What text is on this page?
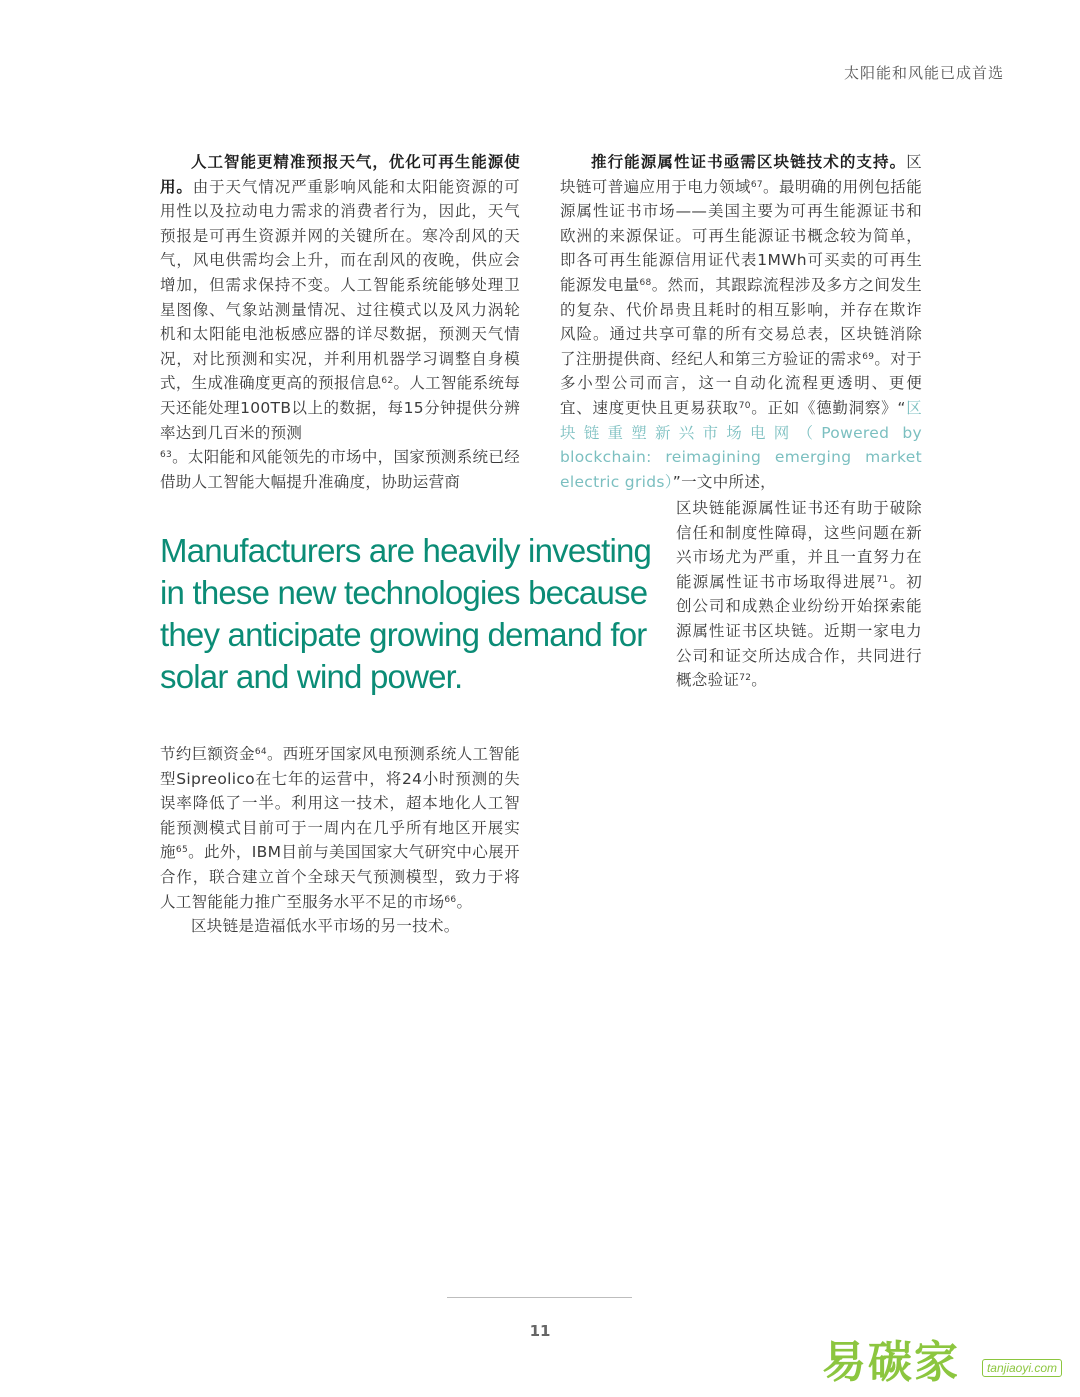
太阳能和风能已成首选

人工智能更精准预报天气，优化可再生能源使用。由于天气情况严重影响风能和太阳能资源的可用性以及拉动电力需求的消费者行为，因此，天气预报是可再生资源并网的关键所在。寒冷刮风的天气，风电供需均会上升，而在刮风的夜晚，供应会增加，但需求保持不变。人工智能系统能够处理卫星图像、气象站测量情况、过往模式以及风力涡轮机和太阳能电池板感应器的详尽数据，预测天气情况，对比预测和实况，并利用机器学习调整自身模式，生成准确度更高的预报信息$^{62}$。人工智能系统每天还能处理100TB以上的数据，每15分钟提供分辨率达到几百米的预测
$^{63}$。太阳能和风能领先的市场中，国家预测系统已经借助人工智能大幅提升准确度，协助运营商

Manufacturers are heavily investing in these new technologies because they anticipate growing demand for solar and wind power.

节约巨额资金$^{64}$。西班牙国家风电预测系统人工智能型Sipreolico在七年的运营中，将24小时预测的失误率降低了一半。利用这一技术，超本地化人工智能预测模式目前可于一周内在几乎所有地区开展实施$^{65}$。此外，IBM目前与美国国家大气研究中心展开合作，联合建立首个全球天气预测模型，致力于将人工智能能力推广至服务水平不足的市场$^{66}$。

区块链是造福低水平市场的另一技术。

推行能源属性证书亟需区块链技术的支持。区块链可普遍应用于电力领域$^{67}$。最明确的用例包括能源属性证书市场——美国主要为可再生能源证书和欧洲的来源保证。可再生能源证书概念较为简单，即各可再生能源信用证代表1MWh可买卖的可再生能源发电量$^{68}$。然而，其跟踪流程涉及多方之间发生的复杂、代价昂贵且耗时的相互影响，并存在欺诈风险。通过共享可靠的所有交易总表，区块链消除了注册提供商、经纪人和第三方验证的需求$^{69}$。对于多小型公司而言，这一自动化流程更透明、更便宜、速度更快且更易获取$^{70}$。正如《德勤洞察》“区块链重塑新兴市场电网（Powered by blockchain: reimagining emerging market electric grids）”一文中所述，

区块链能源属性证书还有助于破除信任和制度性障碍，这些问题在新兴市场尤为严重，并且一直努力在能源属性证书市场取得进展$^{71}$。初创公司和成熟企业纷纷开始探索能源属性证书区块链。近期一家电力公司和证交所达成合作，共同进行概念验证$^{72}$。

11
易碳家	tanjiaoyi.com
